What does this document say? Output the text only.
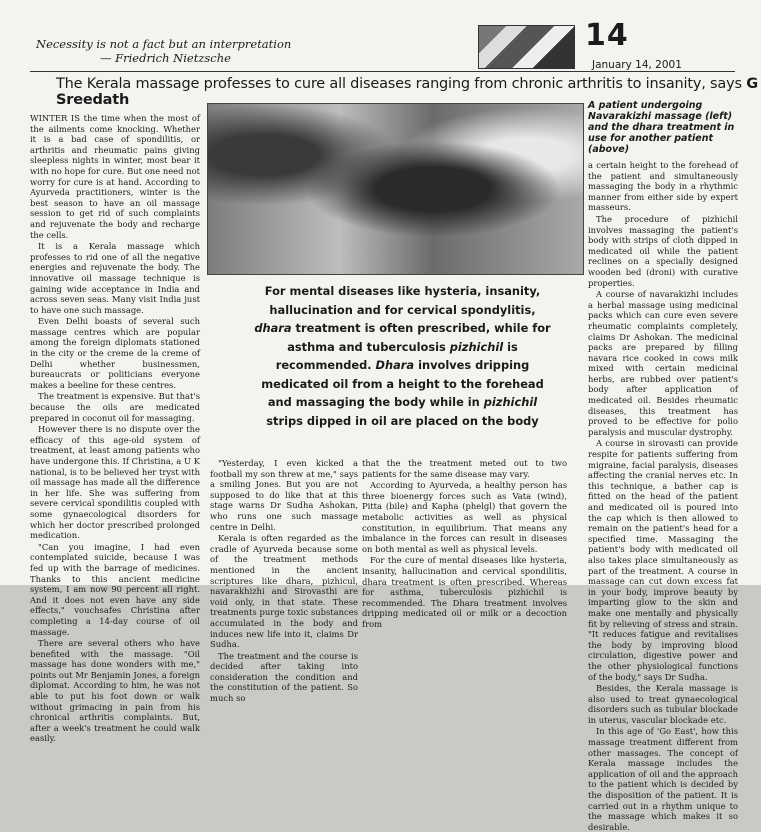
Necessity is not a fact but an interpretation
— Friedrich Nietzsche
14
January 14, 2001
The Kerala massage professes to cure all diseases ranging from chronic arthritis to insanity, says G Sreedath	A patient undergoing Navarakizhi massage (left) and the dhara treatment in use for another patient (above)
For mental diseases like hysteria, insanity, hallucination and for cervical spondylitis, dhara treatment is often prescribed, while for asthma and tuberculosis pizhichil is recommended. Dhara involves dripping medicated oil from a height to the forehead and massaging the body while in pizhichil strips dipped in oil are placed on the body

WINTER IS the time when the most of the ailments come knocking. Whether it is a bad case of spondilitis, or arthritis and rheumatic pains giving sleepless nights in winter, most bear it with no hope for cure. But one need not worry for cure is at hand. According to Ayurveda practitioners, winter is the best season to have an oil massage session to get rid of such complaints and rejuvenate the body and recharge the cells.

It is a Kerala massage which professes to rid one of all the negative energies and rejuvenate the body. The innovative oil massage technique is gaining wide acceptance in India and across seven seas. Many visit India just to have one such massage.

Even Delhi boasts of several such massage centres which are popular among the foreign diplomats stationed in the city or the creme de la creme of Delhi whether businessmen, bureaucrats or politicians everyone makes a beeline for these centres.

The treatment is expensive. But that's because the oils are medicated prepared in coconut oil for massaging.

However there is no dispute over the efficacy of this age-old system of treatment, at least among patients who have undergone this. If Christina, a U K national, is to be believed her tryst with oil massage has made all the difference in her life. She was suffering from severe cervical spondilitis coupled with some gynaecological disorders for which her doctor prescribed prolonged medication.

"Can you imagine, I had even contemplated suicide, because I was fed up with the barrage of medicines. Thanks to this ancient medicine system, I am now 90 percent all right. And it does not even have any side effects," vouchsafes Christina after completing a 14-day course of oil massage.

There are several others who have benefited with the massage. "Oil massage has done wonders with me," points out Mr Benjamin Jones, a foreign diplomat. According to him, he was not able to put his foot down or walk without grimacing in pain from his chronical arthritis complaints. But, after a week's treatment he could walk easily.

"Yesterday, I even kicked a football my son threw at me," says a smiling Jones. But you are not supposed to do like that at this stage warns Dr Sudha Ashokan, who runs one such massage centre in Delhi.

Kerala is often regarded as the cradle of Ayurveda because some of the treatment methods mentioned in the ancient scriptures like dhara, pizhicul, navarakhizhi and Sirovasthi are void only, in that state. These treatments purge toxic substances accumulated in the body and induces new life into it, claims Dr Sudha.

The treatment and the course is decided after taking into consideration the condition and the constitution of the patient. So much so

that the the treatment meted out to two patients for the same disease may vary.

According to Ayurveda, a healthy person has three bioenergy forces such as Vata (wind), Pitta (bile) and Kapha (phelgl) that govern the metabolic activities as well as physical constitution, in equilibrium. That means any imbalance in the forces can result in diseases on both mental as well as physical levels.

For the cure of mental diseases like hysteria, insanity, hallucination and cervical spondilitis, dhara treatment is often prescribed. Whereas for asthma, tuberculosis pizhichil is recommended. The Dhara treatment involves dripping medicated oil or milk or a decoction from

a certain height to the forehead of the patient and simultaneously massaging the body in a rhythmic manner from either side by expert masseurs.

The procedure of pizhichil involves massaging the patient's body with strips of cloth dipped in medicated oil while the patient reclines on a specially designed wooden bed (droni) with curative properties.

A course of navarakizhi includes a herbal massage using medicinal packs which can cure even severe rheumatic complaints completely, claims Dr Ashokan. The medicinal packs are prepared by filling navara rice cooked in cows milk mixed with certain medicinal herbs, are rubbed over patient's body after application of medicated oil. Besides rheumatic diseases, this treatment has proved to be effective for polio paralysis and muscular dystrophy.

A course in sirovasti can provide respite for patients suffering from migraine, facial paralysis, diseases affecting the cranial nerves etc. In this technique, a bather cap is fitted on the head of the patient and medicated oil is poured into the cap which is then allowed to remain on the patient's head for a specified time. Massaging the patient's body with medicated oil also takes place simultaneously as part of the treatment. A course in massage can cut down excess fat in your body, improve beauty by imparting glow to the skin and make one mentally and physically fit by relieving of stress and strain. "It reduces fatigue and revitalises the body by improving blood circulation, digestive power and the other physiological functions of the body," says Dr Sudha.

Besides, the Kerala massage is also used to treat gynaecological disorders such as tubular blockade in uterus, vascular blockade etc.

In this age of 'Go East', how this massage treatment different from other massages. The concept of Kerala massage includes the application of oil and the approach to the patient which is decided by the disposition of the patient. It is carried out in a rhythm unique to the massage which makes it so desirable.
